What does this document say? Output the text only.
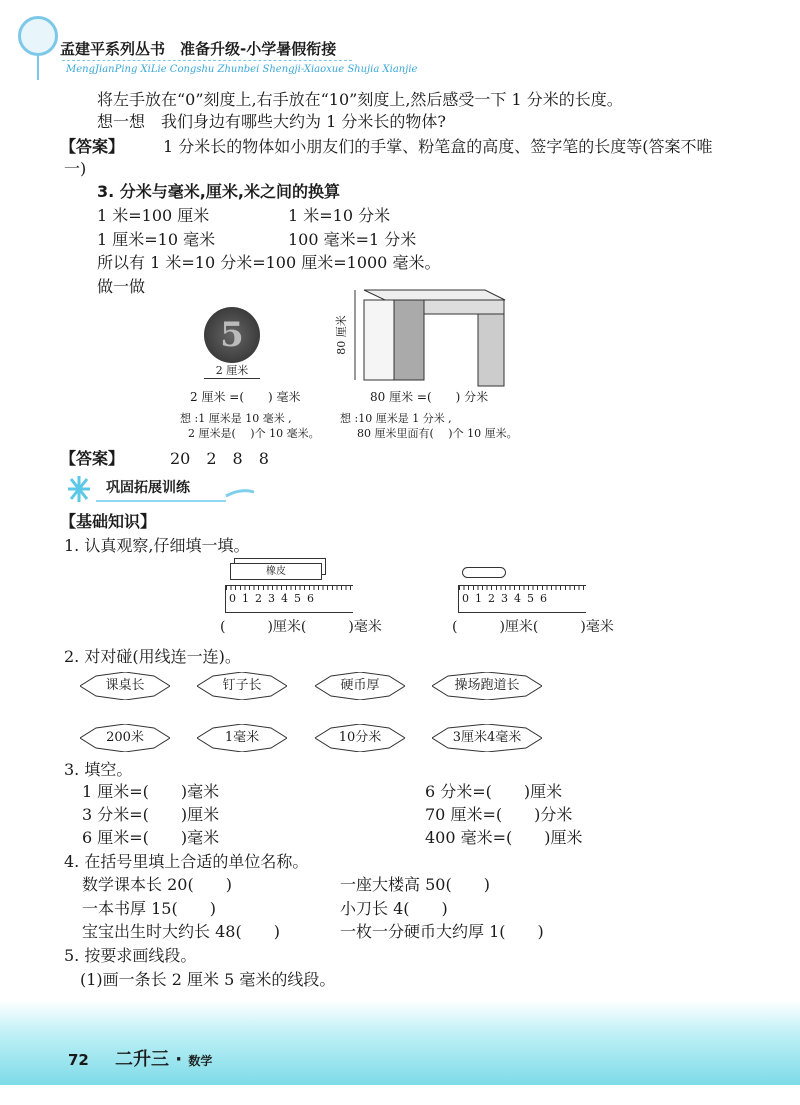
孟建平系列丛书　 准备升级-小学暑假衔接
MengJianPing XiLie Congshu Zhunbei Shengji-Xiaoxue Shujia Xianjie
将左手放在“0”刻度上,右手放在“10”刻度上,然后感受一下 1 分米的长度。
想一想　我们身边有哪些大约为 1 分米长的物体?
【答案】 1 分米长的物体如小朋友们的手掌、粉笔盒的高度、签字笔的长度等(答案不唯
一)
3. 分米与毫米,厘米,米之间的换算
1 米=100 厘米	1 米=10 分米
1 厘米=10 毫米	100 毫米=1 分米
所以有 1 米=10 分米=100 厘米=1000 毫米。
做一做
5
2 厘米
80 厘米
2 厘米 =(　　) 毫米	80 厘米 =(　　) 分米
想 :1 厘米是 10 毫米 ,
2 厘米是(　 )个 10 毫米。
想 :10 厘米是 1 分米 ,
80 厘米里面有(　 )个 10 厘米。
【答案】	20　2　8　8
巩固拓展训练
【基础知识】
1. 认真观察,仔细填一填。
橡皮
0123456	0123456
(　　　)厘米(　　　)毫米	(　　　)厘米(　　　)毫米
2. 对对碰(用线连一连)。
课桌长	钉子长	硬币厚	操场跑道长
200米	1毫米	10分米	3厘米4毫米
3. 填空。
1 厘米=(　　)毫米	6 分米=(　　)厘米
3 分米=(　　)厘米	70 厘米=(　　)分米
6 厘米=(　　)毫米	400 毫米=(　　)厘米
4. 在括号里填上合适的单位名称。
数学课本长 20(　　)	一座大楼高 50(　　)
一本书厚 15(　　)	小刀长 4(　　)
宝宝出生时大约长 48(　　)	一枚一分硬币大约厚 1(　　)
5. 按要求画线段。
(1)画一条长 2 厘米 5 毫米的线段。
72 二升三 · 数学
